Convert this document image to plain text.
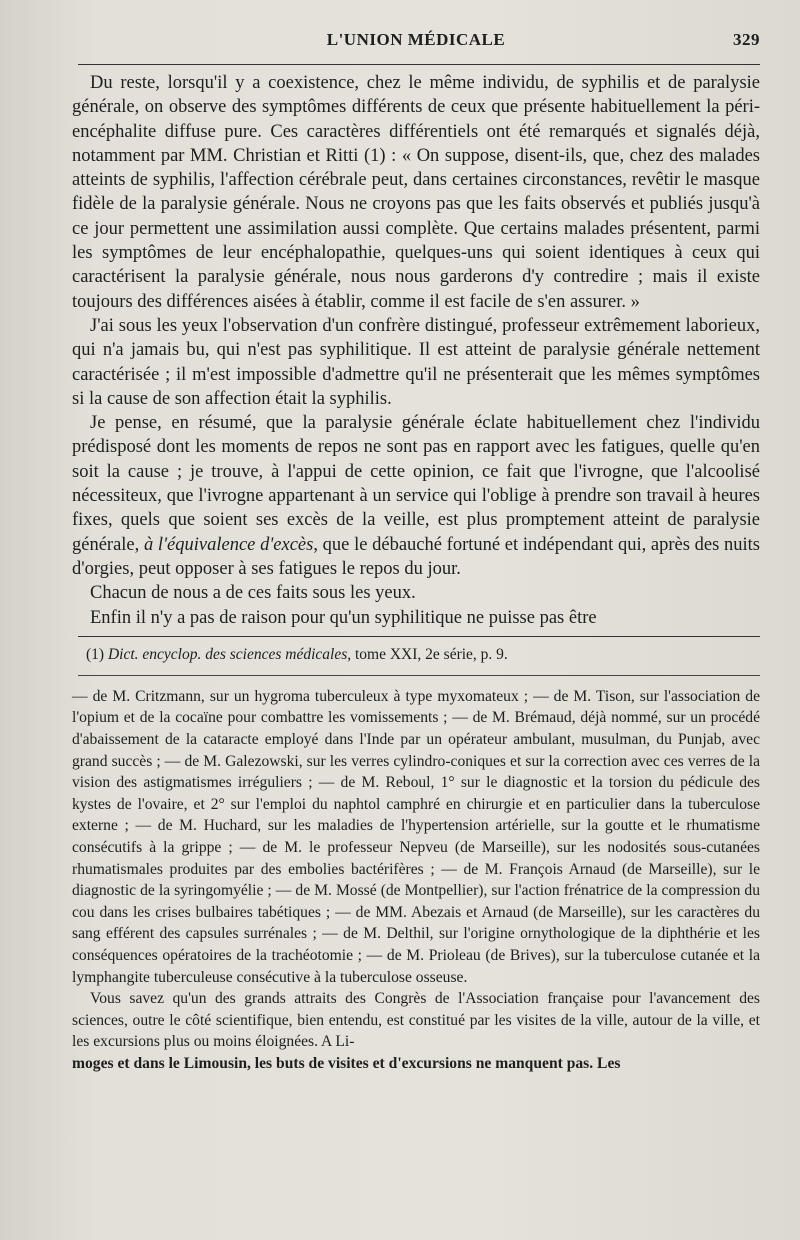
L'UNION MÉDICALE	329

Du reste, lorsqu'il y a coexistence, chez le même individu, de syphilis et de paralysie générale, on observe des symptômes différents de ceux que présente habituellement la péri-encéphalite diffuse pure. Ces caractères différentiels ont été remarqués et signalés déjà, notamment par MM. Christian et Ritti (1) : « On suppose, disent-ils, que, chez des malades atteints de syphilis, l'affection cérébrale peut, dans certaines circonstances, revêtir le masque fidèle de la paralysie générale. Nous ne croyons pas que les faits observés et publiés jusqu'à ce jour permettent une assimilation aussi complète. Que certains malades présentent, parmi les symptômes de leur encéphalopathie, quelques-uns qui soient identiques à ceux qui caractérisent la paralysie générale, nous nous garderons d'y contredire ; mais il existe toujours des différences aisées à établir, comme il est facile de s'en assurer. »

J'ai sous les yeux l'observation d'un confrère distingué, professeur extrêmement laborieux, qui n'a jamais bu, qui n'est pas syphilitique. Il est atteint de paralysie générale nettement caractérisée ; il m'est impossible d'admettre qu'il ne présenterait que les mêmes symptômes si la cause de son affection était la syphilis.

Je pense, en résumé, que la paralysie générale éclate habituellement chez l'individu prédisposé dont les moments de repos ne sont pas en rapport avec les fatigues, quelle qu'en soit la cause ; je trouve, à l'appui de cette opinion, ce fait que l'ivrogne, que l'alcoolisé nécessiteux, que l'ivrogne appartenant à un service qui l'oblige à prendre son travail à heures fixes, quels que soient ses excès de la veille, est plus promptement atteint de paralysie générale, à l'équivalence d'excès, que le débauché fortuné et indépendant qui, après des nuits d'orgies, peut opposer à ses fatigues le repos du jour.

Chacun de nous a de ces faits sous les yeux.

Enfin il n'y a pas de raison pour qu'un syphilitique ne puisse pas être

(1) Dict. encyclop. des sciences médicales, tome XXI, 2e série, p. 9.

— de M. Critzmann, sur un hygroma tuberculeux à type myxomateux ; — de M. Tison, sur l'association de l'opium et de la cocaïne pour combattre les vomissements ; — de M. Brémaud, déjà nommé, sur un procédé d'abaissement de la cataracte employé dans l'Inde par un opérateur ambulant, musulman, du Punjab, avec grand succès ; — de M. Galezowski, sur les verres cylindro-coniques et sur la correction avec ces verres de la vision des astigmatismes irréguliers ; — de M. Reboul, 1° sur le diagnostic et la torsion du pédicule des kystes de l'ovaire, et 2° sur l'emploi du naphtol camphré en chirurgie et en particulier dans la tuberculose externe ; — de M. Huchard, sur les maladies de l'hypertension artérielle, sur la goutte et le rhumatisme consécutifs à la grippe ; — de M. le professeur Nepveu (de Marseille), sur les nodosités sous-cutanées rhumatismales produites par des embolies bactérifères ; — de M. François Arnaud (de Marseille), sur le diagnostic de la syringomyélie ; — de M. Mossé (de Montpellier), sur l'action frénatrice de la compression du cou dans les crises bulbaires tabétiques ; — de MM. Abezais et Arnaud (de Marseille), sur les caractères du sang efférent des capsules surrénales ; — de M. Delthil, sur l'origine ornythologique de la diphthérie et les conséquences opératoires de la trachéotomie ; — de M. Prioleau (de Brives), sur la tuberculose cutanée et la lymphangite tuberculeuse consécutive à la tuberculose osseuse.

Vous savez qu'un des grands attraits des Congrès de l'Association française pour l'avancement des sciences, outre le côté scientifique, bien entendu, est constitué par les visites de la ville, autour de la ville, et les excursions plus ou moins éloignées. A Li-

moges et dans le Limousin, les buts de visites et d'excursions ne manquent pas. Les
